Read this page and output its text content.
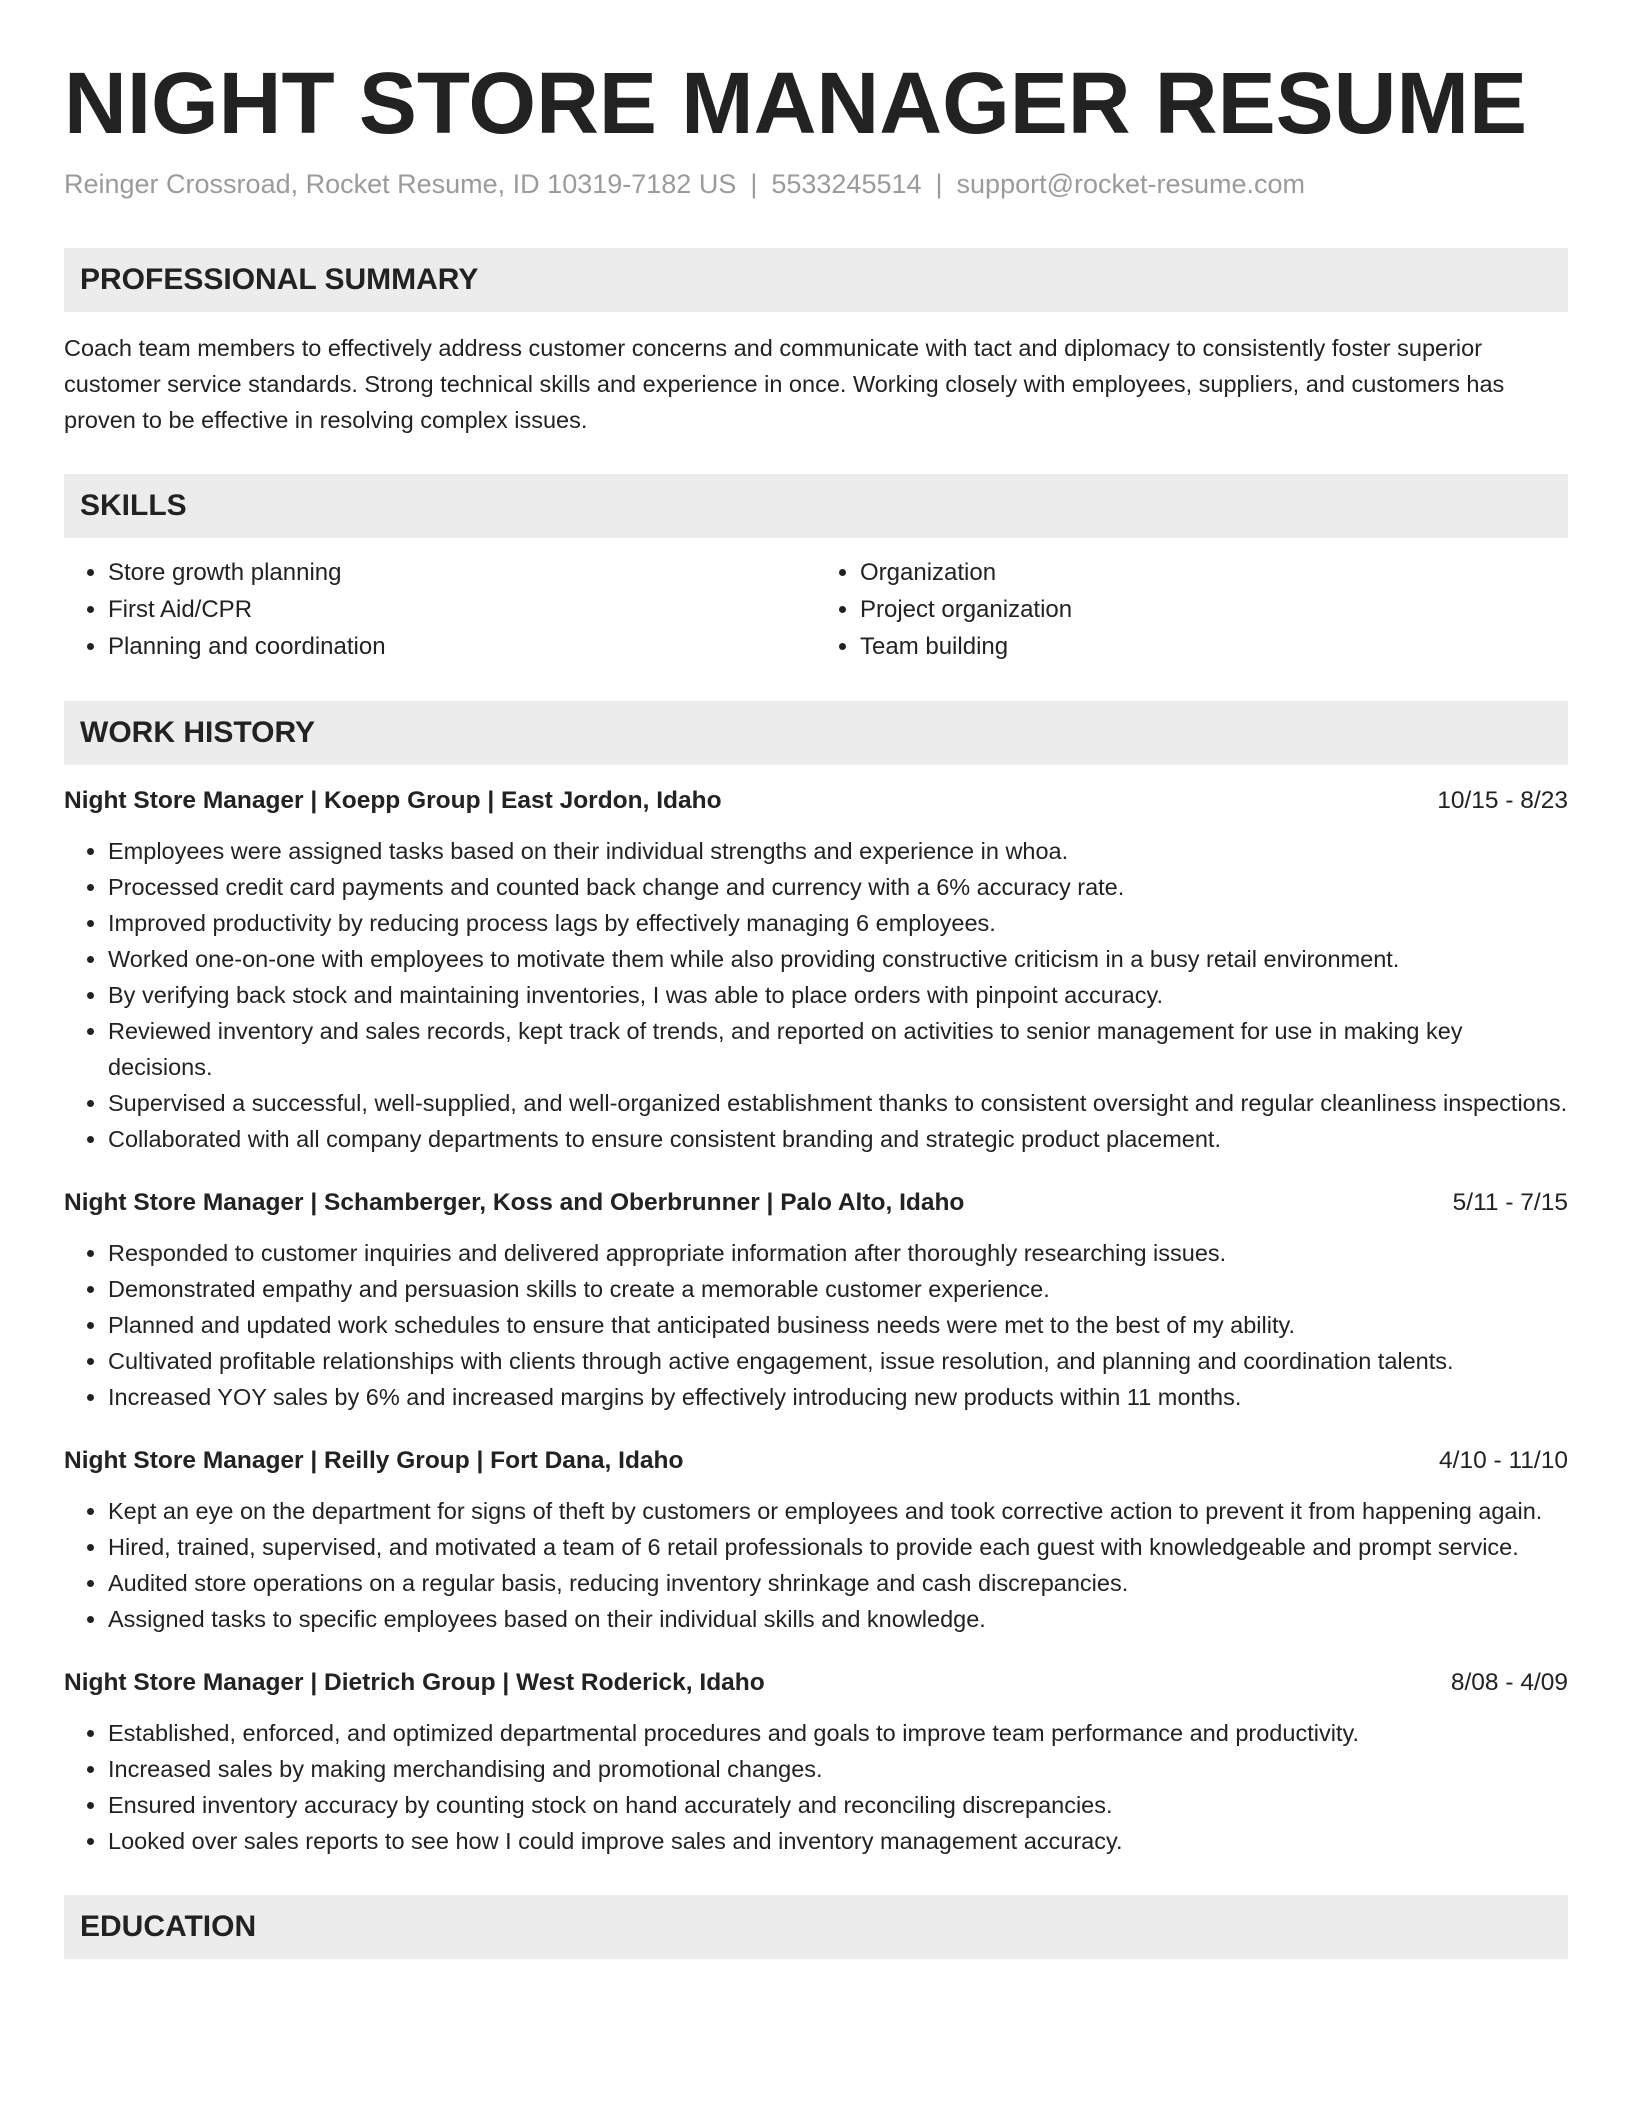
NIGHT STORE MANAGER RESUME
Reinger Crossroad, Rocket Resume, ID 10319-7182 US | 5533245514 | support@rocket-resume.com
PROFESSIONAL SUMMARY
Coach team members to effectively address customer concerns and communicate with tact and diplomacy to consistently foster superior customer service standards. Strong technical skills and experience in once. Working closely with employees, suppliers, and customers has proven to be effective in resolving complex issues.
SKILLS
• Store growth planning
• First Aid/CPR
• Planning and coordination
• Organization
• Project organization
• Team building
WORK HISTORY
Night Store Manager | Koepp Group | East Jordon, Idaho	10/15 - 8/23
• Employees were assigned tasks based on their individual strengths and experience in whoa.
• Processed credit card payments and counted back change and currency with a 6% accuracy rate.
• Improved productivity by reducing process lags by effectively managing 6 employees.
• Worked one-on-one with employees to motivate them while also providing constructive criticism in a busy retail environment.
• By verifying back stock and maintaining inventories, I was able to place orders with pinpoint accuracy.
• Reviewed inventory and sales records, kept track of trends, and reported on activities to senior management for use in making key decisions.
• Supervised a successful, well-supplied, and well-organized establishment thanks to consistent oversight and regular cleanliness inspections.
• Collaborated with all company departments to ensure consistent branding and strategic product placement.
Night Store Manager | Schamberger, Koss and Oberbrunner | Palo Alto, Idaho	5/11 - 7/15
• Responded to customer inquiries and delivered appropriate information after thoroughly researching issues.
• Demonstrated empathy and persuasion skills to create a memorable customer experience.
• Planned and updated work schedules to ensure that anticipated business needs were met to the best of my ability.
• Cultivated profitable relationships with clients through active engagement, issue resolution, and planning and coordination talents.
• Increased YOY sales by 6% and increased margins by effectively introducing new products within 11 months.
Night Store Manager | Reilly Group | Fort Dana, Idaho	4/10 - 11/10
• Kept an eye on the department for signs of theft by customers or employees and took corrective action to prevent it from happening again.
• Hired, trained, supervised, and motivated a team of 6 retail professionals to provide each guest with knowledgeable and prompt service.
• Audited store operations on a regular basis, reducing inventory shrinkage and cash discrepancies.
• Assigned tasks to specific employees based on their individual skills and knowledge.
Night Store Manager | Dietrich Group | West Roderick, Idaho	8/08 - 4/09
• Established, enforced, and optimized departmental procedures and goals to improve team performance and productivity.
• Increased sales by making merchandising and promotional changes.
• Ensured inventory accuracy by counting stock on hand accurately and reconciling discrepancies.
• Looked over sales reports to see how I could improve sales and inventory management accuracy.
EDUCATION
